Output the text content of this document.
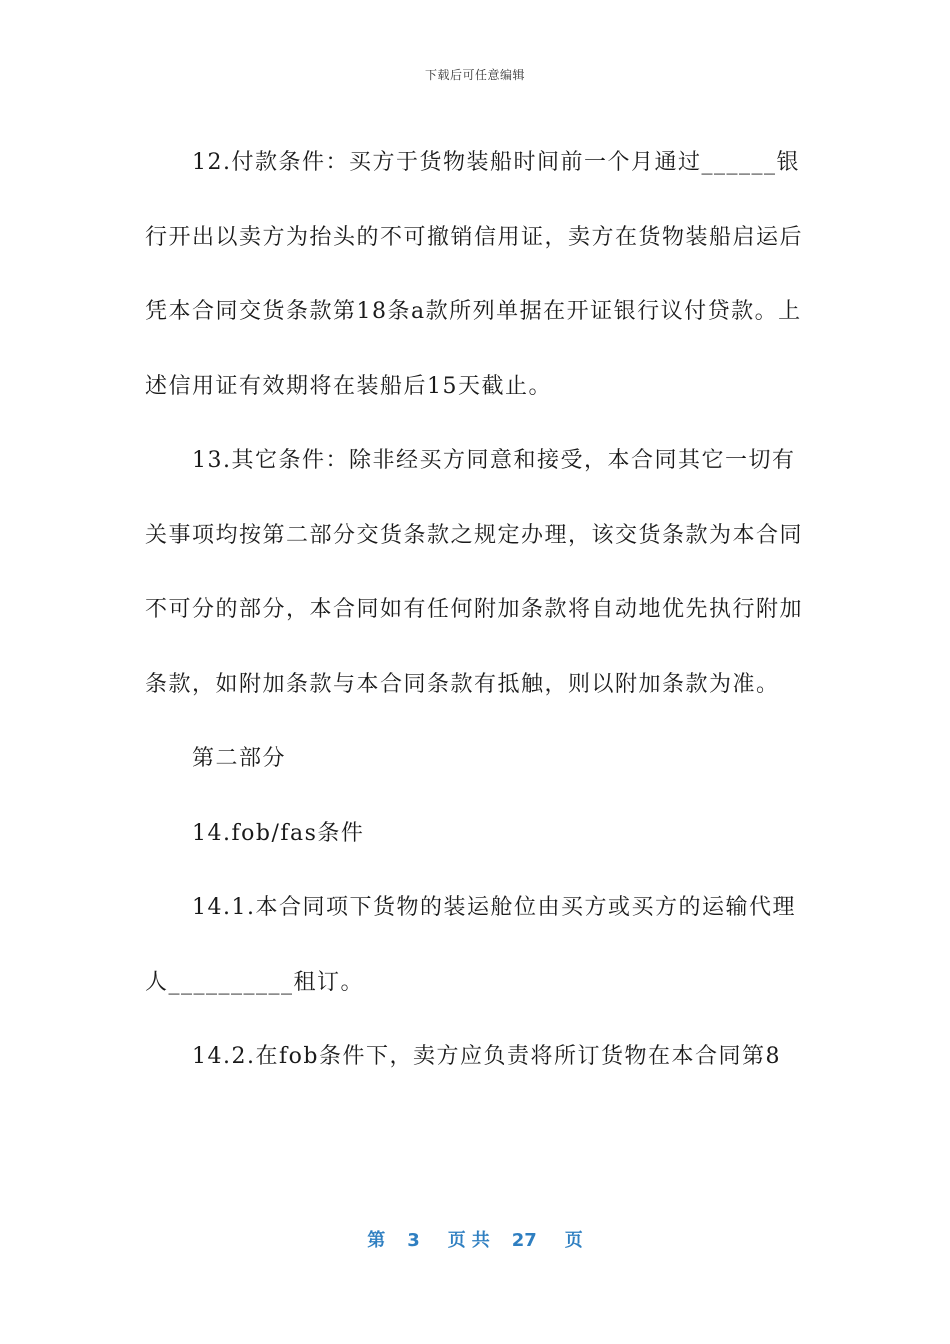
下载后可任意编辑

12.付款条件：买方于货物装船时间前一个月通过______银行开出以卖方为抬头的不可撤销信用证，卖方在货物装船启运后凭本合同交货条款第18条a款所列单据在开证银行议付贷款。上述信用证有效期将在装船后15天截止。

13.其它条件：除非经买方同意和接受，本合同其它一切有关事项均按第二部分交货条款之规定办理，该交货条款为本合同不可分的部分，本合同如有任何附加条款将自动地优先执行附加条款，如附加条款与本合同条款有抵触，则以附加条款为准。

第二部分

14.fob/fas条件

14.1.本合同项下货物的装运舱位由买方或买方的运输代理人__________租订。

14.2.在fob条件下，卖方应负责将所订货物在本合同第8

第 3 页 共 27 页
